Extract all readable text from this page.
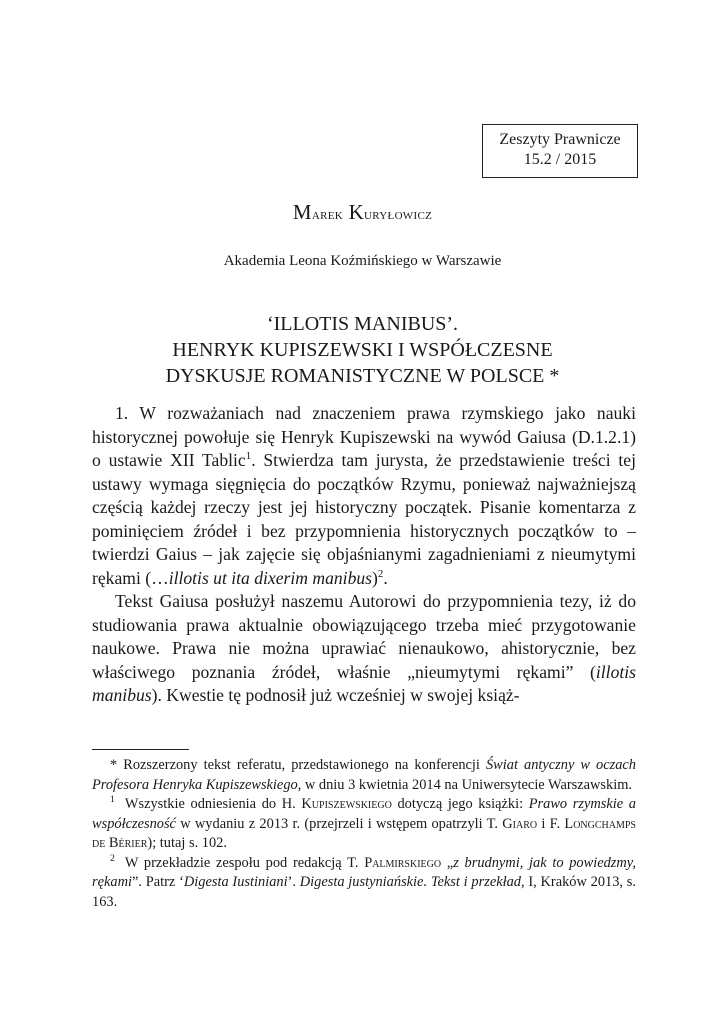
Zeszyty Prawnicze
15.2 / 2015
Marek Kuryłowicz
Akademia Leona Koźmińskiego w Warszawie
‘ILLOTIS MANIBUS’.
HENRYK KUPISZEWSKI I WSPÓŁCZESNE
DYSKUSJE ROMANISTYCZNE W POLSCE *

1. W rozważaniach nad znaczeniem prawa rzymskiego jako nauki historycznej powołuje się Henryk Kupiszewski na wywód Gaiusa (D.1.2.1) o ustawie XII Tablic$^1$. Stwierdza tam jurysta, że przedstawienie treści tej ustawy wymaga sięgnięcia do początków Rzymu, ponieważ najważniejszą częścią każdej rzeczy jest jej historyczny początek. Pisanie komentarza z pominięciem źródeł i bez przypomnienia historycznych początków to – twierdzi Gaius – jak zajęcie się objaśnianymi zagadnieniami z nieumytymi rękami (…illotis ut ita dixerim manibus)$^2$.

Tekst Gaiusa posłużył naszemu Autorowi do przypomnienia tezy, iż do studiowania prawa aktualnie obowiązującego trzeba mieć przygotowanie naukowe. Prawa nie można uprawiać nienaukowo, ahistorycznie, bez właściwego poznania źródeł, właśnie „nieumytymi rękami” (illotis manibus). Kwestie tę podnosił już wcześniej w swojej książ-

* Rozszerzony tekst referatu, przedstawionego na konferencji Świat antyczny w oczach Profesora Henryka Kupiszewskiego, w dniu 3 kwietnia 2014 na Uniwersytecie Warszawskim.

$^1$ Wszystkie odniesienia do H. Kupiszewskiego dotyczą jego książki: Prawo rzymskie a współczesność w wydaniu z 2013 r. (przejrzeli i wstępem opatrzyli T. Giaro i F. Longchamps de Bérier); tutaj s. 102.

$^2$ W przekładzie zespołu pod redakcją T. Palmirskiego „z brudnymi, jak to powiedzmy, rękami”. Patrz ‘Digesta Iustiniani’. Digesta justyniańskie. Tekst i przekład, I, Kraków 2013, s. 163.
